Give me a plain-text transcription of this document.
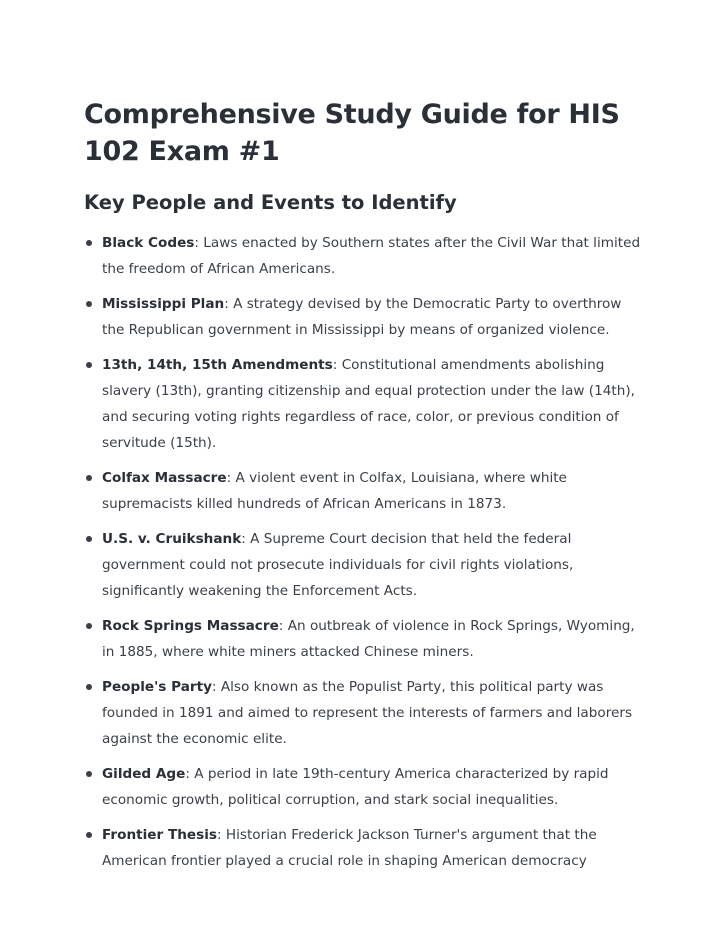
Comprehensive Study Guide for HIS 102 Exam #1
Key People and Events to Identify
Black Codes: Laws enacted by Southern states after the Civil War that limited the freedom of African Americans.
Mississippi Plan: A strategy devised by the Democratic Party to overthrow the Republican government in Mississippi by means of organized violence.
13th, 14th, 15th Amendments: Constitutional amendments abolishing slavery (13th), granting citizenship and equal protection under the law (14th), and securing voting rights regardless of race, color, or previous condition of servitude (15th).
Colfax Massacre: A violent event in Colfax, Louisiana, where white supremacists killed hundreds of African Americans in 1873.
U.S. v. Cruikshank: A Supreme Court decision that held the federal government could not prosecute individuals for civil rights violations, significantly weakening the Enforcement Acts.
Rock Springs Massacre: An outbreak of violence in Rock Springs, Wyoming, in 1885, where white miners attacked Chinese miners.
People's Party: Also known as the Populist Party, this political party was founded in 1891 and aimed to represent the interests of farmers and laborers against the economic elite.
Gilded Age: A period in late 19th-century America characterized by rapid economic growth, political corruption, and stark social inequalities.
Frontier Thesis: Historian Frederick Jackson Turner's argument that the American frontier played a crucial role in shaping American democracy
